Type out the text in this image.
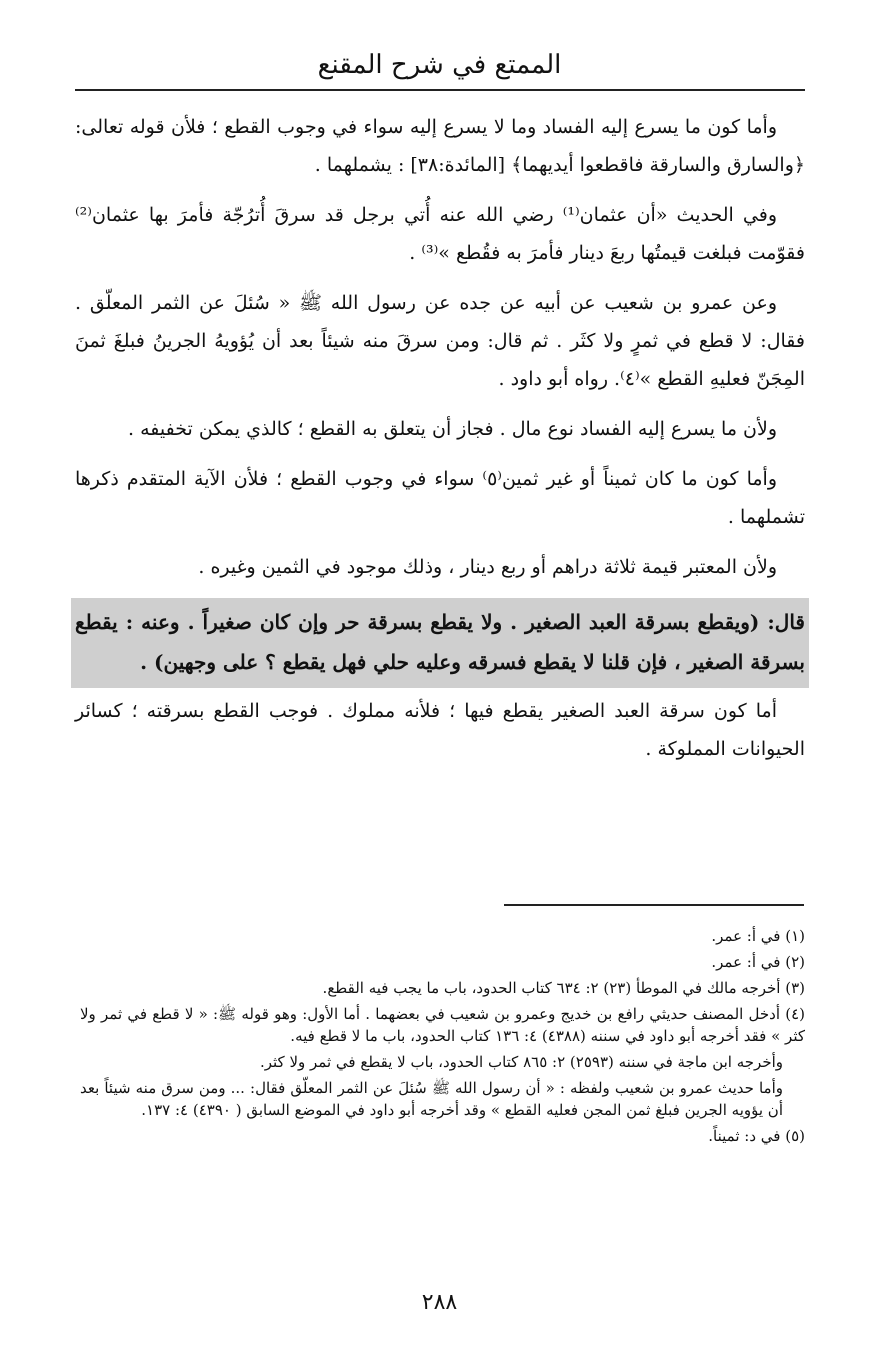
الممتع في شرح المقنع

وأما كون ما يسرع إليه الفساد وما لا يسرع إليه سواء في وجوب القطع ؛ فلأن قوله تعالى: ﴿والسارق والسارقة فاقطعوا أيديهما﴾ [المائدة:٣٨] : يشملهما .

وفي الحديث «أن عثمان⁽¹⁾ رضي الله عنه أُتي برجل قد سرقَ أُترُجّة فأمرَ بها عثمان⁽²⁾ فقوّمت فبلغت قيمتُها ربعَ دينار فأمرَ به فقُطع »⁽³⁾ .

وعن عمرو بن شعيب عن أبيه عن جده عن رسول الله ﷺ « سُئلَ عن الثمر المعلّق . فقال: لا قطع في ثمرٍ ولا كثَر . ثم قال: ومن سرقَ منه شيئاً بعد أن يُؤويهُ الجرينُ فبلغَ ثمنَ المِجَنّ فعليهِ القطع »⁽٤⁾. رواه أبو داود .

ولأن ما يسرع إليه الفساد نوع مال . فجاز أن يتعلق به القطع ؛ كالذي يمكن تخفيفه .

وأما كون ما كان ثميناً أو غير ثمين⁽٥⁾ سواء في وجوب القطع ؛ فلأن الآية المتقدم ذكرها تشملهما .

ولأن المعتبر قيمة ثلاثة دراهم أو ربع دينار ، وذلك موجود في الثمين وغيره .

قال: (ويقطع بسرقة العبد الصغير . ولا يقطع بسرقة حر وإن كان صغيراً . وعنه : يقطع بسرقة الصغير ، فإن قلنا لا يقطع فسرقه وعليه حلي فهل يقطع ؟ على وجهين) .

أما كون سرقة العبد الصغير يقطع فيها ؛ فلأنه مملوك . فوجب القطع بسرقته ؛ كسائر الحيوانات المملوكة .

(١) في أ: عمر.
(٢) في أ: عمر.
(٣) أخرجه مالك في الموطأ (٢٣) ٢: ٦٣٤ كتاب الحدود، باب ما يجب فيه القطع.
(٤) أدخل المصنف حديثي رافع بن خديج وعمرو بن شعيب في بعضهما . أما الأول: وهو قوله ﷺ: « لا قطع في ثمر ولا كثر » فقد أخرجه أبو داود في سننه (٤٣٨٨) ٤: ١٣٦ كتاب الحدود، باب ما لا قطع فيه.
وأخرجه ابن ماجة في سننه (٢٥٩٣) ٢: ٨٦٥ كتاب الحدود، باب لا يقطع في ثمر ولا كثر.
وأما حديث عمرو بن شعيب ولفظه : « أن رسول الله ﷺ سُئلَ عن الثمر المعلّق فقال: ... ومن سرق منه شيئاً بعد أن يؤويه الجرين فبلغ ثمن المجن فعليه القطع » وقد أخرجه أبو داود في الموضع السابق ( ٤٣٩٠) ٤: ١٣٧.
(٥) في د: ثميناً.
٢٨٨
